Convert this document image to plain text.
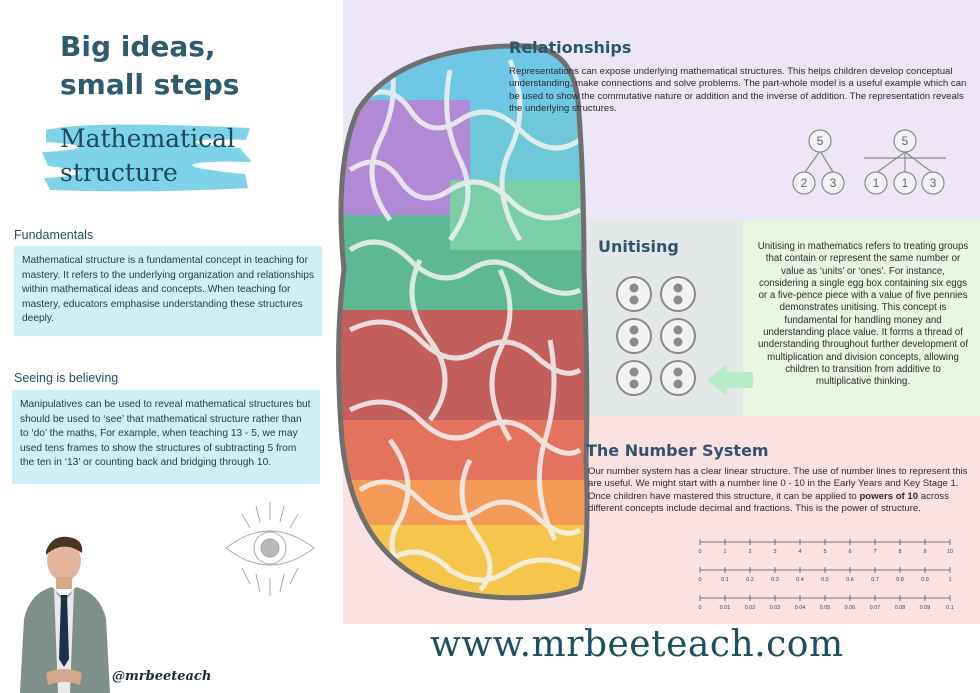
Big ideas,
small steps
Mathematical
structure
Fundamentals
Mathematical structure is a fundamental concept in teaching for mastery. It refers to the underlying organization and relationships within mathematical ideas and concepts. When teaching for mastery, educators emphasise understanding these structures deeply.
Seeing is believing
Manipulatives can be used to reveal mathematical structures but should be used to ‘see’ that mathematical structure rather than to ‘do’ the maths, For example, when teaching 13 - 5, we may used tens frames to show the structures of subtracting 5 from the ten in ‘13’ or counting back and bridging through 10.
Relationships
Representations can expose underlying mathematical structures. This helps children develop conceptual understanding, make connections and solve problems. The part-whole model is a useful example which can be used to show the commutative nature or addition and the inverse of addition. The representation reveals the underlying structures.
5
2 3
5
1 1 3
Unitising	Unitising in mathematics refers to treating groups that contain or represent the same number or value as ‘units’ or ‘ones’. For instance, considering a single egg box containing six eggs or a five-pence piece with a value of five pennies demonstrates unitising. This concept is fundamental for handling money and understanding place value. It forms a thread of understanding throughout further development of multiplication and division concepts, allowing children to transition from additive to multiplicative thinking.
The Number System
Our number system has a clear linear structure. The use of number lines to represent this are useful. We might start with a number line 0 - 10 in the Early Years and Key Stage 1. Once children have mastered this structure, it can be applied to powers of 10 across different concepts include decimal and fractions. This is the power of structure.
0	1	2	3	4	5	6	7	8	9	10
0	0.1	0.2	0.3	0.4	0.5	0.6	0.7	0.8	0.9	1
0	0.01	0.02	0.03	0.04	0.05	0.06	0.07	0.08	0.09	0.1
www.mrbeeteach.com
@mrbeeteach
